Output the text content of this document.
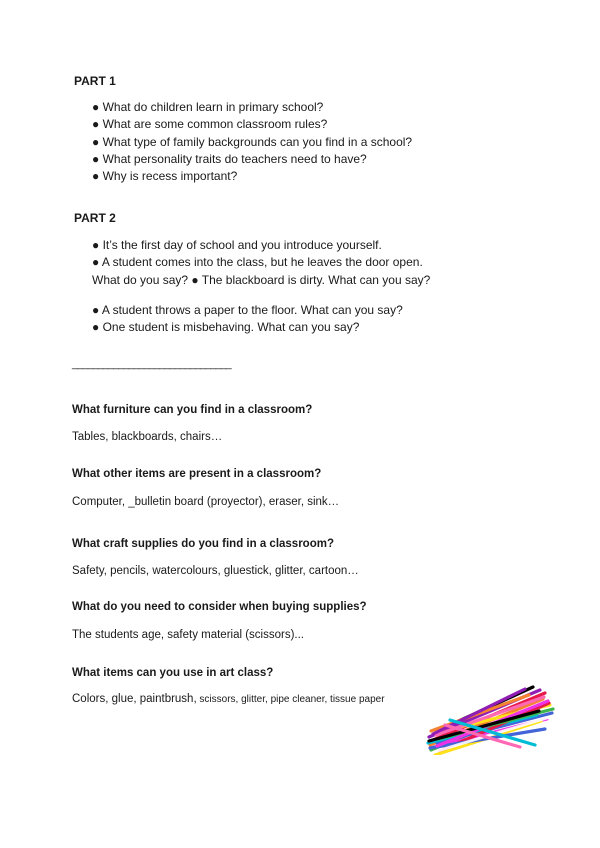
PART 1
● What do children learn in primary school?
● What are some common classroom rules?
● What type of family backgrounds can you find in a school?
● What personality traits do teachers need to have?
● Why is recess important?
PART 2
● It’s the first day of school and you introduce yourself.
● A student comes into the class, but he leaves the door open. What do you say? ● The blackboard is dirty. What can you say?
● A student throws a paper to the floor. What can you say?
● One student is misbehaving. What can you say?
_______________________________
What furniture can you find in a classroom?
Tables, blackboards, chairs…
What other items are present in a classroom?
Computer, _bulletin board (proyector), eraser, sink…
What craft supplies do you find in a classroom?
Safety, pencils, watercolours, gluestick, glitter, cartoon…
What do you need to consider when buying supplies?
The students age, safety material (scissors)...
What items can you use in art class?
Colors, glue, paintbrush, scissors, glitter, pipe cleaner, tissue paper
